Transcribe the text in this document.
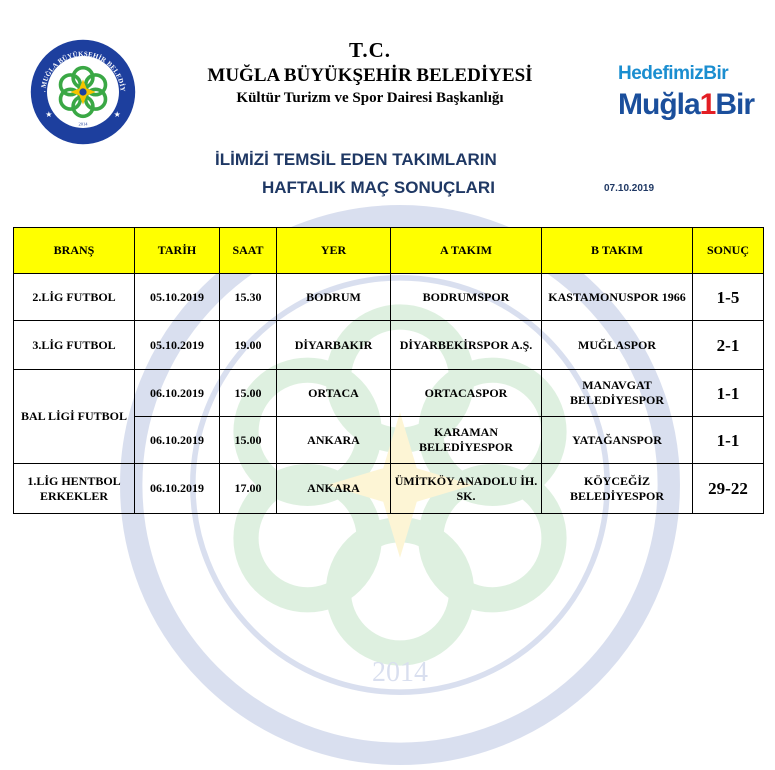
2014
. MUĞLA BÜYÜKŞEHİR BELEDİY
★	★
2014
T.C.
MUĞLA BÜYÜKŞEHİR BELEDİYESİ
Kültür Turizm ve Spor Dairesi Başkanlığı
HedefimizBir
Muğla1Bir
İLİMİZİ TEMSİL EDEN TAKIMLARIN
HAFTALIK MAÇ SONUÇLARI	07.10.2019
BRANŞ	TARİH	SAAT	YER	A TAKIM	B TAKIM	SONUÇ
2.LİG FUTBOL	05.10.2019	15.30	BODRUM	BODRUMSPOR	KASTAMONUSPOR 1966	1-5
3.LİG FUTBOL	05.10.2019	19.00	DİYARBAKIR	DİYARBEKİRSPOR A.Ş.	MUĞLASPOR	2-1
BAL LİGİ FUTBOL	06.10.2019	15.00	ORTACA	ORTACASPOR	MANAVGAT BELEDİYESPOR	1-1
	06.10.2019	15.00	ANKARA	KARAMAN BELEDİYESPOR	YATAĞANSPOR	1-1
1.LİG HENTBOL ERKEKLER	06.10.2019	17.00	ANKARA	ÜMİTKÖY ANADOLU İH. SK.	KÖYCEĞİZ BELEDİYESPOR	29-22
